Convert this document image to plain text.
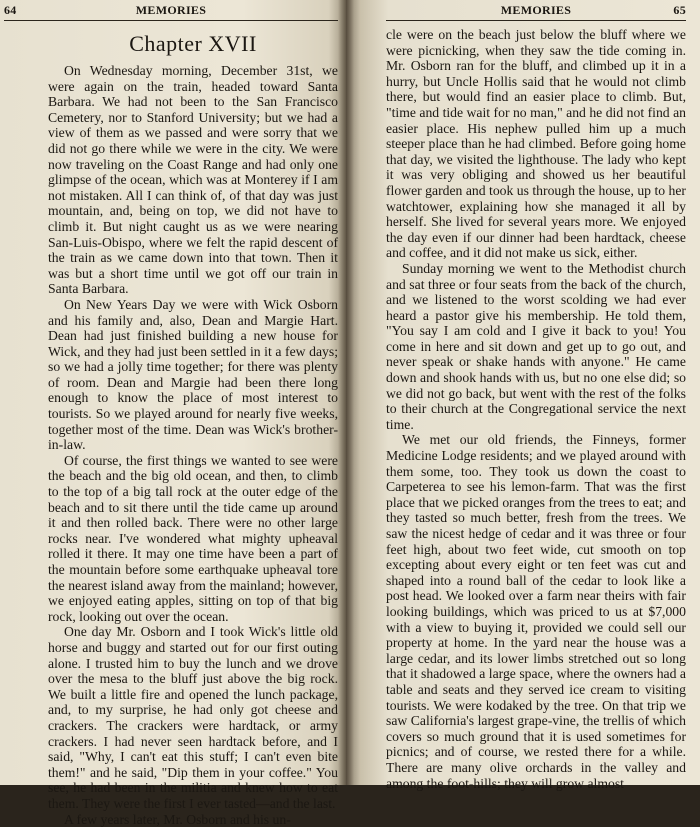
64	MEMORIES
Chapter XVII

On Wednesday morning, December 31st, we were again on the train, headed toward Santa Barbara. We had not been to the San Francisco Cemetery, nor to Stanford University; but we had a view of them as we passed and were sorry that we did not go there while we were in the city. We were now traveling on the Coast Range and had only one glimpse of the ocean, which was at Monterey if I am not mistaken. All I can think of, of that day was just mountain, and, being on top, we did not have to climb it. But night caught us as we were nearing San-Luis-Obispo, where we felt the rapid descent of the train as we came down into that town. Then it was but a short time until we got off our train in Santa Barbara.

On New Years Day we were with Wick Osborn and his family and, also, Dean and Margie Hart. Dean had just finished building a new house for Wick, and they had just been settled in it a few days; so we had a jolly time together; for there was plenty of room. Dean and Margie had been there long enough to know the place of most interest to tourists. So we played around for nearly five weeks, together most of the time. Dean was Wick's brother-in-law.

Of course, the first things we wanted to see were the beach and the big old ocean, and then, to climb to the top of a big tall rock at the outer edge of the beach and to sit there until the tide came up around it and then rolled back. There were no other large rocks near. I've wondered what mighty upheaval rolled it there. It may one time have been a part of the mountain before some earthquake upheaval tore the nearest island away from the mainland; however, we enjoyed eating apples, sitting on top of that big rock, looking out over the ocean.

One day Mr. Osborn and I took Wick's little old horse and buggy and started out for our first outing alone. I trusted him to buy the lunch and we drove over the mesa to the bluff just above the big rock. We built a little fire and opened the lunch package, and, to my surprise, he had only got cheese and crackers. The crackers were hardtack, or army crackers. I had never seen hardtack before, and I said, "Why, I can't eat this stuff; I can't even bite them!" and he said, "Dip them in your coffee." You see, he had been in the militia and knew how to eat them. They were the first I ever tasted—and the last.

A few years later, Mr. Osborn and his un-

MEMORIES	65

cle were on the beach just below the bluff where we were picnicking, when they saw the tide coming in. Mr. Osborn ran for the bluff, and climbed up it in a hurry, but Uncle Hollis said that he would not climb there, but would find an easier place to climb. But, "time and tide wait for no man," and he did not find an easier place. His nephew pulled him up a much steeper place than he had climbed. Before going home that day, we visited the lighthouse. The lady who kept it was very obliging and showed us her beautiful flower garden and took us through the house, up to her watchtower, explaining how she managed it all by herself. She lived for several years more. We enjoyed the day even if our dinner had been hardtack, cheese and coffee, and it did not make us sick, either.

Sunday morning we went to the Methodist church and sat three or four seats from the back of the church, and we listened to the worst scolding we had ever heard a pastor give his membership. He told them, "You say I am cold and I give it back to you! You come in here and sit down and get up to go out, and never speak or shake hands with anyone." He came down and shook hands with us, but no one else did; so we did not go back, but went with the rest of the folks to their church at the Congregational service the next time.

We met our old friends, the Finneys, former Medicine Lodge residents; and we played around with them some, too. They took us down the coast to Carpeterea to see his lemon-farm. That was the first place that we picked oranges from the trees to eat; and they tasted so much better, fresh from the trees. We saw the nicest hedge of cedar and it was three or four feet high, about two feet wide, cut smooth on top excepting about every eight or ten feet was cut and shaped into a round ball of the cedar to look like a post head. We looked over a farm near theirs with fair looking buildings, which was priced to us at $7,000 with a view to buying it, provided we could sell our property at home. In the yard near the house was a large cedar, and its lower limbs stretched out so long that it shadowed a large space, where the owners had a table and seats and they served ice cream to visiting tourists. We were kodaked by the tree. On that trip we saw California's largest grape-vine, the trellis of which covers so much ground that it is used sometimes for picnics; and of course, we rested there for a while. There are many olive orchards in the valley and among the foot-hills; they will grow almost
